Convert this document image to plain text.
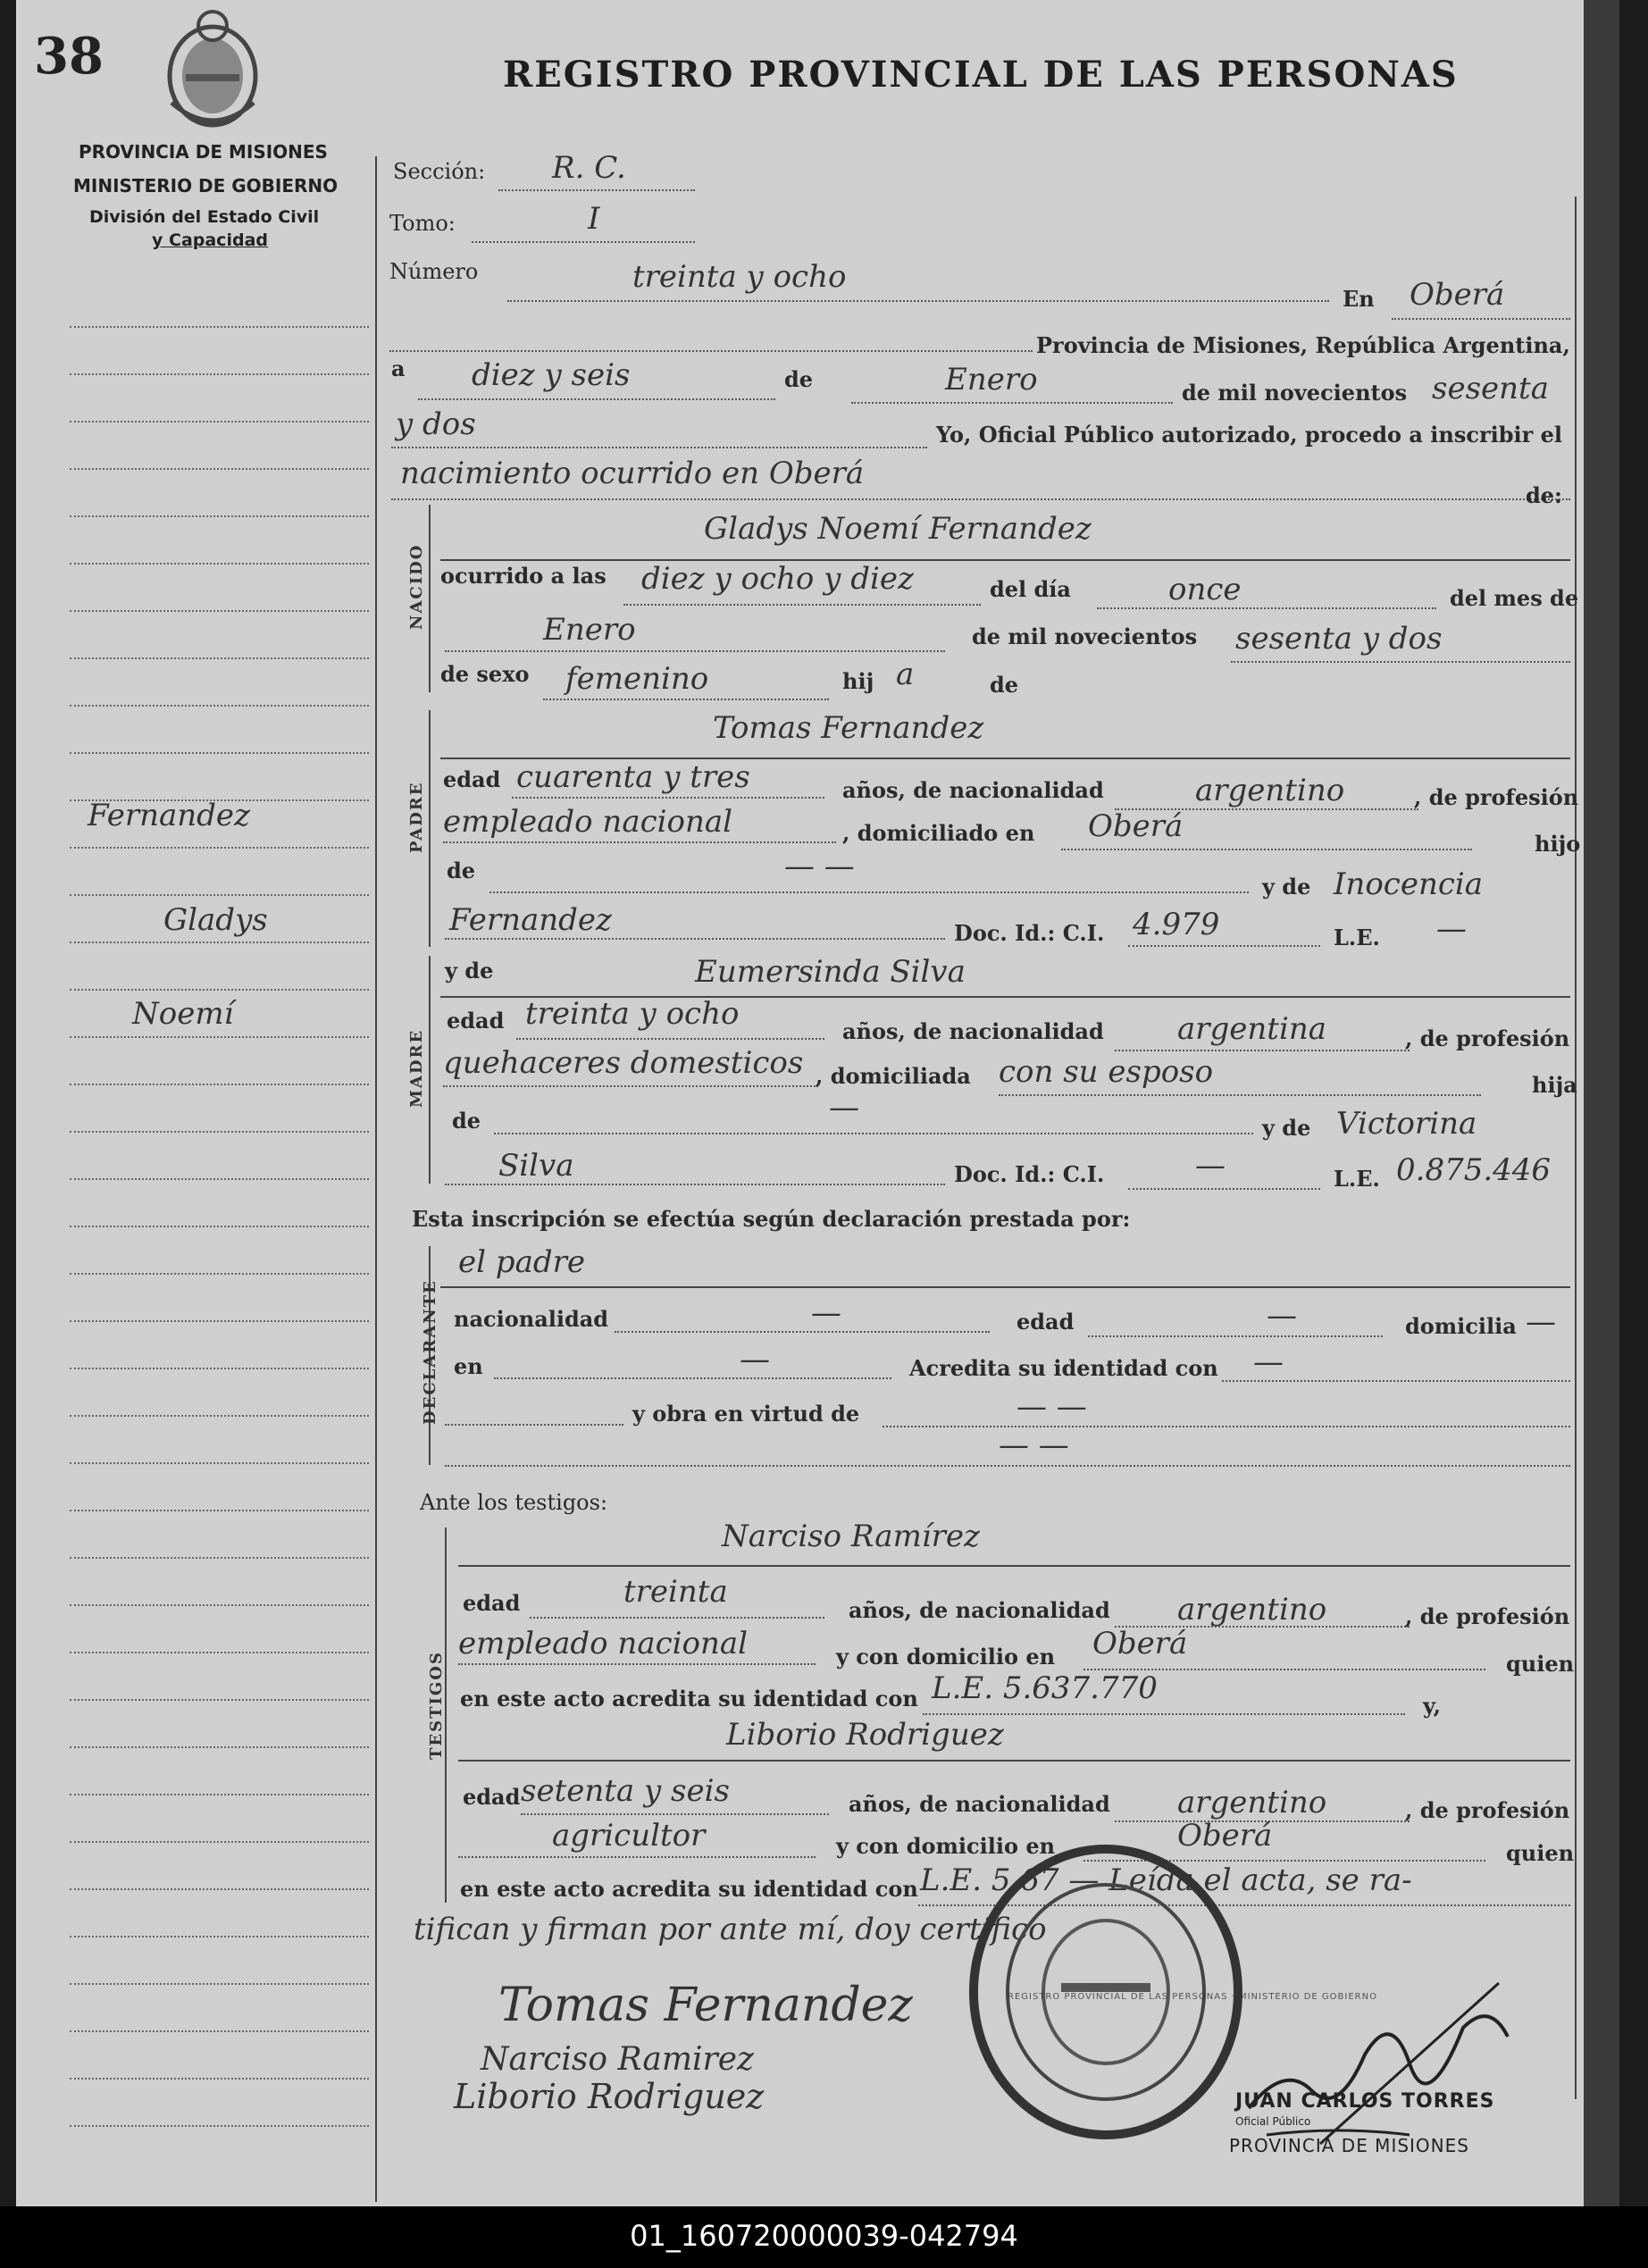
38	REGISTRO PROVINCIAL DE LAS PERSONAS
PROVINCIA DE MISIONES
MINISTERIO DE GOBIERNO
División del Estado Civil
y Capacidad
Fernandez
Gladys
Noemí
Sección: R. C.
Tomo:	I
Número	treinta y ocho
En Oberá
Provincia de Misiones, República Argentina,
a diez y seis	de	Enero	de mil novecientos sesenta
y dos	Yo, Oficial Público autorizado, procedo a inscribir el
nacimiento ocurrido en Oberá
de:
NACIDO
Gladys Noemí Fernandez
ocurrido a las diez y ocho y diez	del día	once	del mes de
Enero	de mil novecientos sesenta y dos
de sexo femenino	hij a	de
PADRE
Tomas Fernandez
edad cuarenta y tres	años, de nacionalidad	argentino	, de profesión
empleado nacional	, domiciliado en Oberá	hijo
de	— —
y de Inocencia
Fernandez	Doc. Id.: C.I. 4.979	L.E. —
MADRE
y de	Eumersinda Silva
edad treinta y ocho	años, de nacionalidad argentina	, de profesión
quehaceres domesticos , domiciliada con su esposo	hija
de	—
y de Victorina
Silva	Doc. Id.: C.I.	—	L.E. 0.875.446
Esta inscripción se efectúa según declaración prestada por:
DECLARANTE
el padre
nacionalidad	—	edad	—	domicilia —
en	—	Acredita su identidad con —
y obra en virtud de	— —
— —
Ante los testigos:
TESTIGOS
Narciso Ramírez
edad	treinta
años, de nacionalidad argentino	, de profesión
empleado nacional	y con domicilio en Oberá
quien
en este acto acredita su identidad con L.E. 5.637.770	y,
Liborio Rodriguez
edad setenta y seis	años, de nacionalidad argentino	, de profesión
agricultor	y con domicilio en	Oberá	quien
en este acto acredita su identidad con L.E. 5.67 — Leída el acta, se ra-
tifican y firman por ante mí, doy certifico
REGISTRO PROVINCIAL DE LAS PERSONAS · MINISTERIO DE GOBIERNO
Tomas Fernandez
Narciso Ramirez
Liborio Rodriguez	JUAN CARLOS TORRES
Oficial Público
PROVINCIA DE MISIONES
01_160720000039-042794
